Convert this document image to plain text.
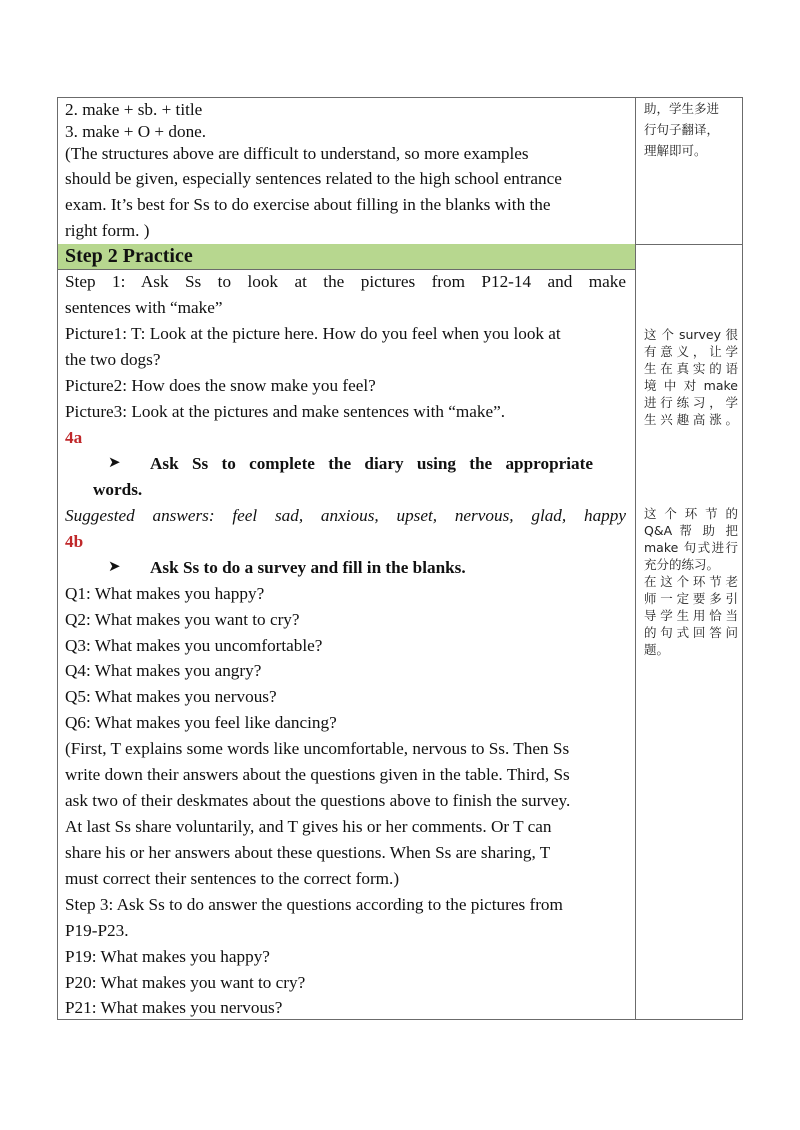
2. make + sb. + title
3. make + O + done.
(The structures above are difficult to understand, so more examples
should be given, especially sentences related to the high school entrance
exam. It’s best for Ss to do exercise about filling in the blanks with the
right form. )
助，学生多进
行句子翻译，
理解即可。
Step 2 Practice
Step 1: Ask Ss to look at the pictures from P12-14 and make
sentences with “make”
Picture1: T: Look at the picture here. How do you feel when you look at
the two dogs?
Picture2: How does the snow make you feel?
Picture3: Look at the pictures and make sentences with “make”.
4a
➤ Ask Ss to complete the diary using the appropriate
words.
Suggested answers: feel sad, anxious, upset, nervous, glad, happy
4b
➤ Ask Ss to do a survey and fill in the blanks.
Q1: What makes you happy?
Q2: What makes you want to cry?
Q3: What makes you uncomfortable?
Q4: What makes you angry?
Q5: What makes you nervous?
Q6: What makes you feel like dancing?
(First, T explains some words like uncomfortable, nervous to Ss. Then Ss
write down their answers about the questions given in the table. Third, Ss
ask two of their deskmates about the questions above to finish the survey.
At last Ss share voluntarily, and T gives his or her comments. Or T can
share his or her answers about these questions. When Ss are sharing, T
must correct their sentences to the correct form.)
Step 3: Ask Ss to do answer the questions according to the pictures from
P19-P23.
P19: What makes you happy?
P20: What makes you want to cry?
P21: What makes you nervous?
这 个 survey 很
有意义，让学
生在真实的语
境 中 对 make
进行练习，学
生兴趣高涨。
这 个 环 节 的
Q&A 帮 助 把
make 句式进行
充分的练习。
在这个环节老
师一定要多引
导学生用恰当
的句式回答问
题。
